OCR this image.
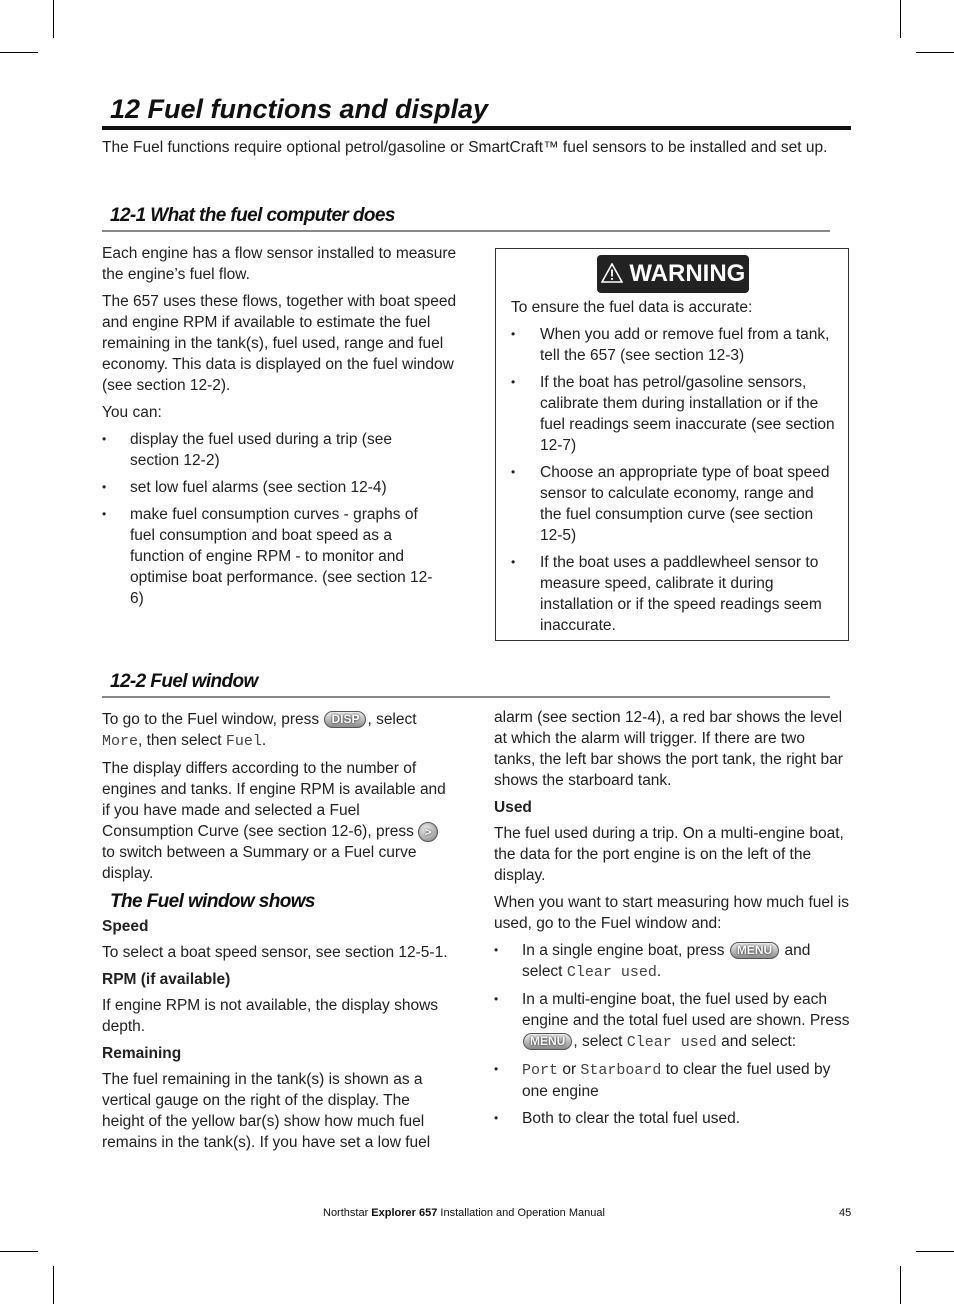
12 Fuel functions and display

The Fuel functions require optional petrol/gasoline or SmartCraft™ fuel sensors to be installed and set up.

12-1 What the fuel computer does

Each engine has a flow sensor installed to measure the engine’s fuel flow.

The 657 uses these flows, together with boat speed and engine RPM if available to estimate the fuel remaining in the tank(s), fuel used, range and fuel economy. This data is displayed on the fuel window (see section 12-2).

You can:

• display the fuel used during a trip (see section 12-2)

• set low fuel alarms (see section 12-4)

• make fuel consumption curves - graphs of fuel consumption and boat speed as a function of engine RPM - to monitor and optimise boat performance. (see section 12-6)

WARNING

To ensure the fuel data is accurate:

• When you add or remove fuel from a tank, tell the 657 (see section 12-3)

• If the boat has petrol/gasoline sensors, calibrate them during installation or if the fuel readings seem inaccurate (see section 12-7)

• Choose an appropriate type of boat speed sensor to calculate economy, range and the fuel consumption curve (see section 12-5)

• If the boat uses a paddlewheel sensor to measure speed, calibrate it during installation or if the speed readings seem inaccurate.

12-2 Fuel window

To go to the Fuel window, press DISP , select More, then select Fuel.

The display differs according to the number of engines and tanks. If engine RPM is available and if you have made and selected a Fuel Consumption Curve (see section 12-6), press > to switch between a Summary or a Fuel curve display.

The Fuel window shows

Speed

To select a boat speed sensor, see section 12-5-1.

RPM (if available)

If engine RPM is not available, the display shows depth.

Remaining

The fuel remaining in the tank(s) is shown as a vertical gauge on the right of the display. The height of the yellow bar(s) show how much fuel remains in the tank(s). If you have set a low fuel

alarm (see section 12-4), a red bar shows the level at which the alarm will trigger. If there are two tanks, the left bar shows the port tank, the right bar shows the starboard tank.

Used

The fuel used during a trip. On a multi-engine boat, the data for the port engine is on the left of the display.

When you want to start measuring how much fuel is used, go to the Fuel window and:

• In a single engine boat, press MENU and select Clear used.

• In a multi-engine boat, the fuel used by each engine and the total fuel used are shown. Press MENU , select Clear used and select:

• Port or Starboard to clear the fuel used by one engine

• Both to clear the total fuel used.

Northstar Explorer 657 Installation and Operation Manual	45
